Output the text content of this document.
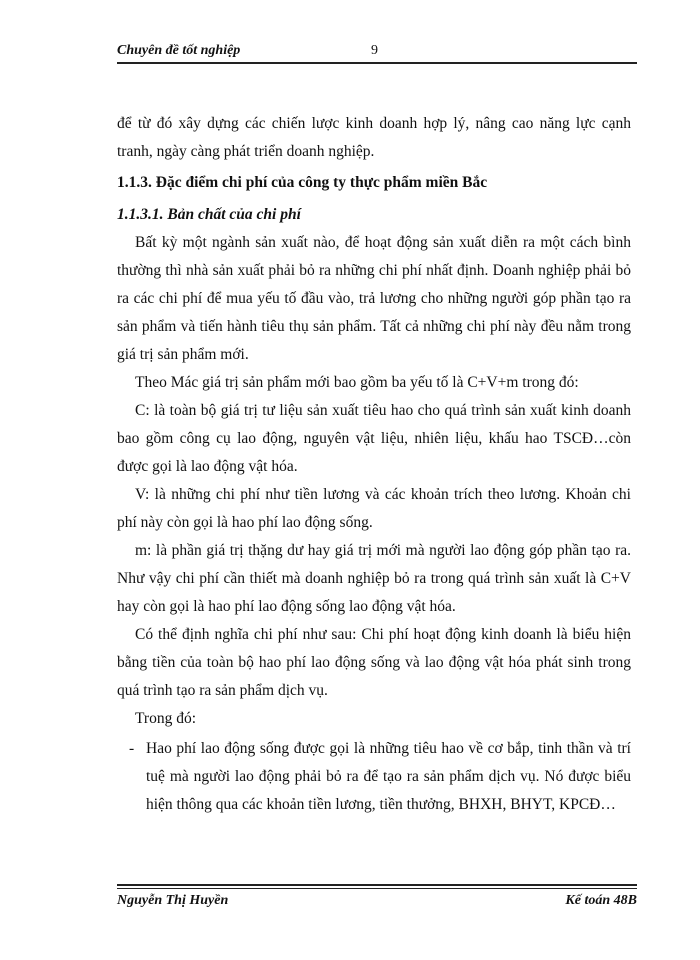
Chuyên đề tốt nghiệp	9

để từ đó xây dựng các chiến lược kinh doanh hợp lý, nâng cao năng lực cạnh tranh, ngày càng phát triển doanh nghiệp.

1.1.3. Đặc điểm chi phí của công ty thực phẩm miền Bắc

1.1.3.1. Bản chất của chi phí

Bất kỳ một ngành sản xuất nào, để hoạt động sản xuất diễn ra một cách bình thường thì nhà sản xuất phải bỏ ra những chi phí nhất định. Doanh nghiệp phải bỏ ra các chi phí để mua yếu tố đầu vào, trả lương cho những người góp phần tạo ra sản phẩm và tiến hành tiêu thụ sản phẩm. Tất cả những chi phí này đều nằm trong giá trị sản phẩm mới.

Theo Mác giá trị sản phẩm mới bao gồm ba yếu tố là C+V+m trong đó:

C: là toàn bộ giá trị tư liệu sản xuất tiêu hao cho quá trình sản xuất kinh doanh bao gồm công cụ lao động, nguyên vật liệu, nhiên liệu, khấu hao TSCĐ…còn được gọi là lao động vật hóa.

V: là những chi phí như tiền lương và các khoản trích theo lương. Khoản chi phí này còn gọi là hao phí lao động sống.

m: là phần giá trị thặng dư hay giá trị mới mà người lao động góp phần tạo ra. Như vậy chi phí cần thiết mà doanh nghiệp bỏ ra trong quá trình sản xuất là C+V hay còn gọi là hao phí lao động sống lao động vật hóa.

Có thể định nghĩa chi phí như sau: Chi phí hoạt động kinh doanh là biểu hiện bằng tiền của toàn bộ hao phí lao động sống và lao động vật hóa phát sinh trong quá trình tạo ra sản phẩm dịch vụ.

Trong đó:

- Hao phí lao động sống được gọi là những tiêu hao về cơ bắp, tinh thần và trí tuệ mà người lao động phải bỏ ra để tạo ra sản phẩm dịch vụ. Nó được biểu hiện thông qua các khoản tiền lương, tiền thưởng, BHXH, BHYT, KPCĐ…

Nguyễn Thị Huyền	Kế toán 48B
